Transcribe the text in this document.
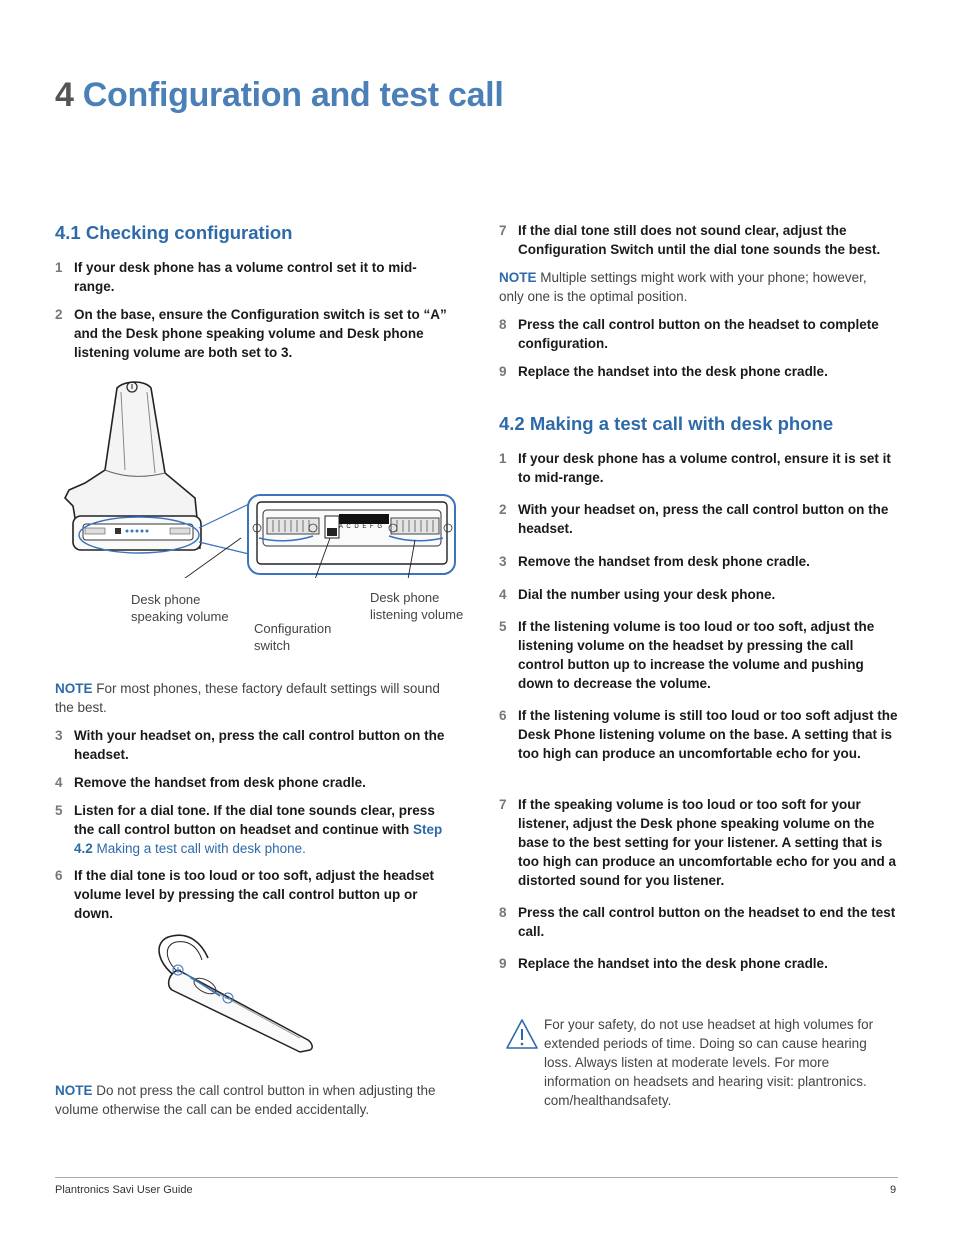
4 Configuration and test call
4.1 Checking configuration
1 If your desk phone has a volume control set it to mid-range.
2 On the base, ensure the Configuration switch is set to “A” and the Desk phone speaking volume and Desk phone listening volume are both set to 3.
A C D E F G
Desk phone speaking volume
Configuration switch
Desk phone listening volume
NOTE For most phones, these factory default settings will sound the best.
3 With your headset on, press the call control button on the headset.
4 Remove the handset from desk phone cradle.
5 Listen for a dial tone. If the dial tone sounds clear, press the call control button on headset and continue with Step 4.2 Making a test call with desk phone.
6 If the dial tone is too loud or too soft, adjust the headset volume level by pressing the call control button up or down.
NOTE Do not press the call control button in when adjusting the volume otherwise the call can be ended accidentally.
7 If the dial tone still does not sound clear, adjust the Configuration Switch until the dial tone sounds the best.
NOTE Multiple settings might work with your phone; however, only one is the optimal position.
8 Press the call control button on the headset to complete configuration.
9 Replace the handset into the desk phone cradle.
4.2 Making a test call with desk phone
1 If your desk phone has a volume control, ensure it is set it to mid-range.
2 With your headset on, press the call control button on the headset.
3 Remove the handset from desk phone cradle.
4 Dial the number using your desk phone.
5 If the listening volume is too loud or too soft, adjust the listening volume on the headset by pressing the call control button up to increase the volume and pushing down to decrease the volume.
6 If the listening volume is still too loud or too soft adjust the Desk Phone listening volume on the base. A setting that is too high can produce an uncomfortable echo for you.
7 If the speaking volume is too loud or too soft for your listener, adjust the Desk phone speaking volume on the base to the best setting for your listener. A setting that is too high can produce an uncomfortable echo for you and a distorted sound for you listener.
8 Press the call control button on the headset to end the test call.
9 Replace the handset into the desk phone cradle.
For your safety, do not use headset at high volumes for extended periods of time. Doing so can cause hearing loss. Always listen at moderate levels. For more information on headsets and hearing visit: plantronics. com/healthandsafety.
Plantronics Savi User Guide	9
